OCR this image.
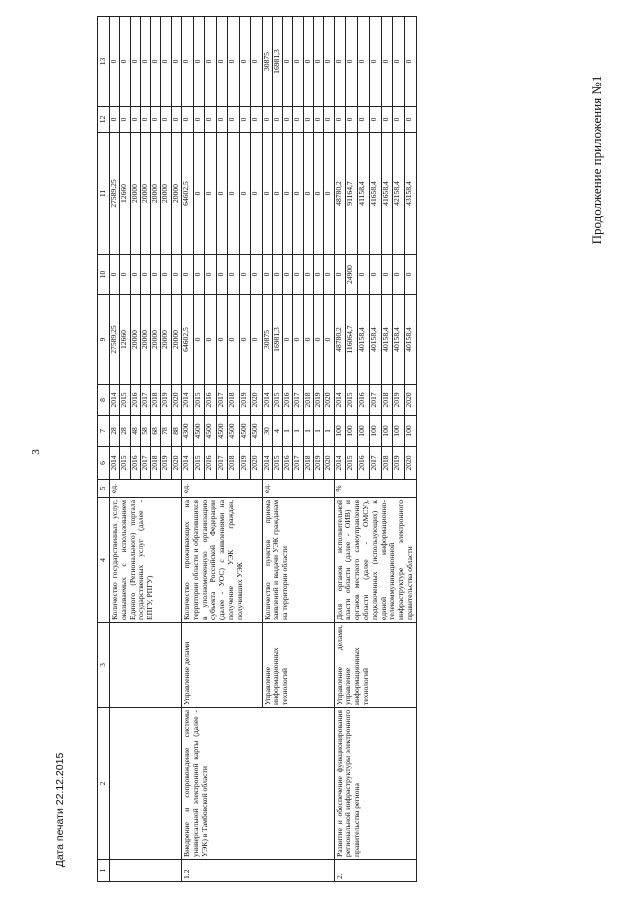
3
Продолжение приложения №1
Дата печати 22.12.2015
1	2	3	4	5	6	7	8	9	10	11	12	13
			Количество государственных услуг, оказываемых с использованием Единого (Регионального) портала государственных услуг (далее - ЕПГУ, РПГУ)	ед.	2014	28	2014	27589,25	0	27589,25	0	0
					2015	28	2015	12660	0	12660	0	0
					2016	48	2016	20000	0	20000	0	0
					2017	58	2017	20000	0	20000	0	0
					2018	68	2018	20000	0	20000	0	0
					2019	78	2019	20000	0	20000	0	0
					2020	88	2020	20000	0	20000	0	0
1.2	Внедрение и сопровождение системы универсальной электронной карты (далее - УЭК) в Тамбовской области	Управление делами	Количество проживающих на территории области и обратившихся в уполномоченную организацию субъекта Российской Федерации (далее - УОС) с заявлениями на получение УЭК граждан, получивших УЭК	ед.	2014	4300	2014	64602,5	0	64602,5	0	0
					2015	4500	2015	0	0	0	0	0
					2016	4500	2016	0	0	0	0	0
					2017	4500	2017	0	0	0	0	0
					2018	4500	2018	0	0	0	0	0
					2019	4500	2019	0	0	0	0	0
					2020	4500	2020	0	0	0	0	0
		Управление информационных технологий	Количество пунктов приема заявлений и выдачи УЭК гражданам на территории области	ед.	2014	30	2014	30875	0	0	0	30875
					2015	4	2015	16981,3	0	0	0	16981,3
					2016	1	2016	0	0	0	0	0
					2017	1	2017	0	0	0	0	0
					2018	1	2018	0	0	0	0	0
					2019	1	2019	0	0	0	0	0
					2020	1	2020	0	0	0	0	0
2.	Развитие и обеспечение функционирования региональной инфраструктуры электронного правительства региона	Управление делами, управление информационных технологий	Доля органов исполнительной власти области (далее - ОИВ) и органов местного самоуправления области (далее - ОМСУ), подключенных (использующих) к единой информационно-телекоммуникационной инфраструктуре электронного правительства области	%	2014	100	2014	48780,2	0	48780,2	0	0
					2015	100	2015	116064,7	24900	91164,7	0	0
					2016	100	2016	40158,4	0	41158,4	0	0
					2017	100	2017	40158,4	0	41658,4	0	0
					2018	100	2018	40158,4	0	41658,4	0	0
					2019	100	2019	40158,4	0	42158,4	0	0
					2020	100	2020	40158,4	0	43158,4	0	0
